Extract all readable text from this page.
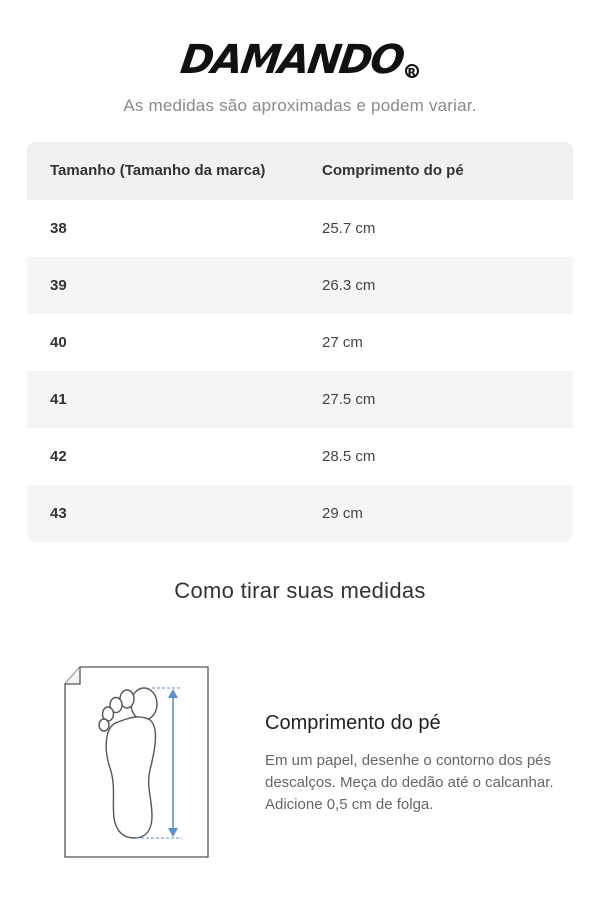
DAMANDO R
As medidas são aproximadas e podem variar.
Tamanho (Tamanho da marca)	Comprimento do pé
38	25.7 cm
39	26.3 cm
40	27 cm
41	27.5 cm
42	28.5 cm
43	29 cm
Como tirar suas medidas
Comprimento do pé
Em um papel, desenhe o contorno dos pés descalços. Meça do dedão até o calcanhar. Adicione 0,5 cm de folga.
